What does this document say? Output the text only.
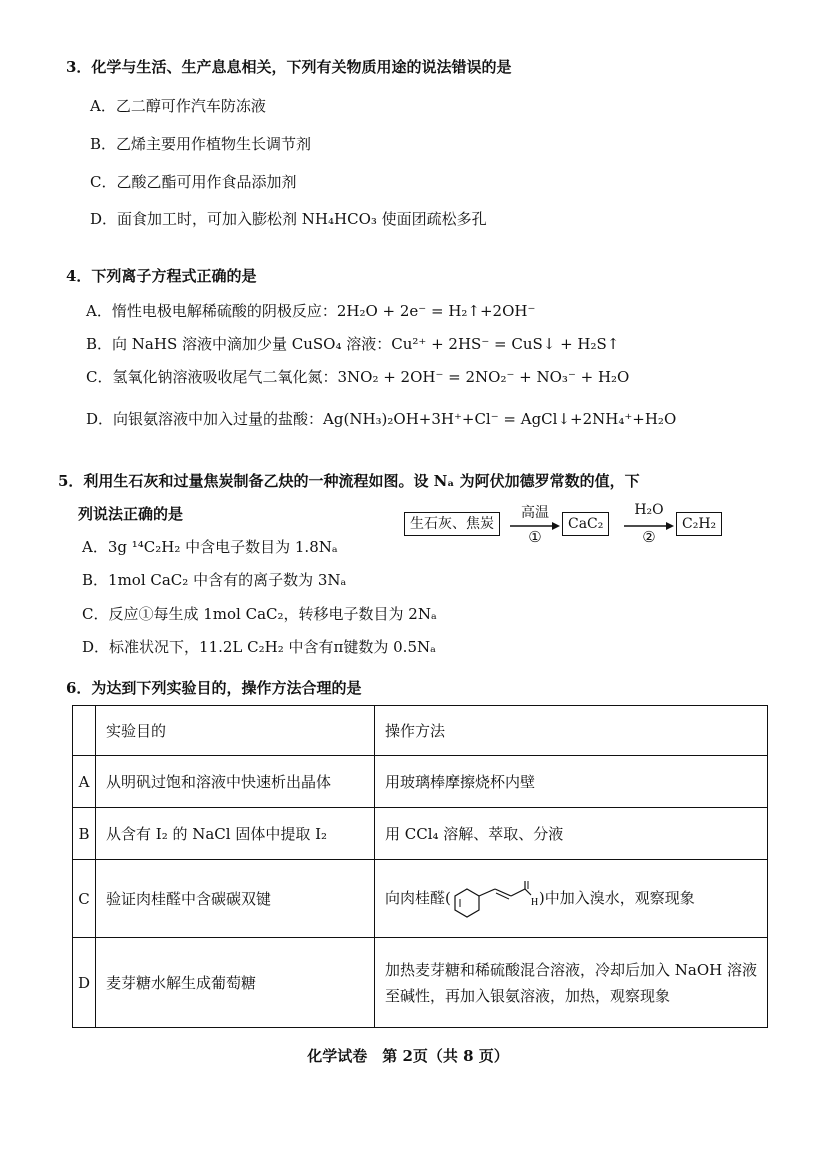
3．化学与生活、生产息息相关，下列有关物质用途的说法错误的是
A．乙二醇可作汽车防冻液
B．乙烯主要用作植物生长调节剂
C．乙酸乙酯可用作食品添加剂
D．面食加工时，可加入膨松剂 NH₄HCO₃ 使面团疏松多孔
4．下列离子方程式正确的是
A．惰性电极电解稀硫酸的阴极反应：2H₂O + 2e⁻ = H₂↑+2OH⁻
B．向 NaHS 溶液中滴加少量 CuSO₄ 溶液：Cu²⁺ + 2HS⁻ = CuS↓ + H₂S↑
C．氢氧化钠溶液吸收尾气二氧化氮：3NO₂ + 2OH⁻ = 2NO₂⁻ + NO₃⁻ + H₂O
D．向银氨溶液中加入过量的盐酸：Ag(NH₃)₂OH+3H⁺+Cl⁻ = AgCl↓+2NH₄⁺+H₂O
5．利用生石灰和过量焦炭制备乙炔的一种流程如图。设 Nₐ 为阿伏加德罗常数的值，下
列说法正确的是
A．3g ¹⁴C₂H₂ 中含电子数目为 1.8Nₐ
B．1mol CaC₂ 中含有的离子数为 3Nₐ
C．反应①每生成 1mol CaC₂，转移电子数目为 2Nₐ
D．标准状况下，11.2L C₂H₂ 中含有π键数为 0.5Nₐ
生石灰、焦炭
高温
①
CaC₂
H₂O
②
C₂H₂
6．为达到下列实验目的，操作方法合理的是
	实验目的	操作方法
A	从明矾过饱和溶液中快速析出晶体	用玻璃棒摩擦烧杯内壁
B	从含有 I₂ 的 NaCl 固体中提取 I₂	用 CCl₄ 溶解、萃取、分液
C	验证肉桂醛中含碳碳双键	向肉桂醛( H )中加入溴水，观察现象
D	麦芽糖水解生成葡萄糖	加热麦芽糖和稀硫酸混合溶液，冷却后加入 NaOH 溶液至碱性，再加入银氨溶液，加热，观察现象
化学试卷　第 2页（共 8 页）
